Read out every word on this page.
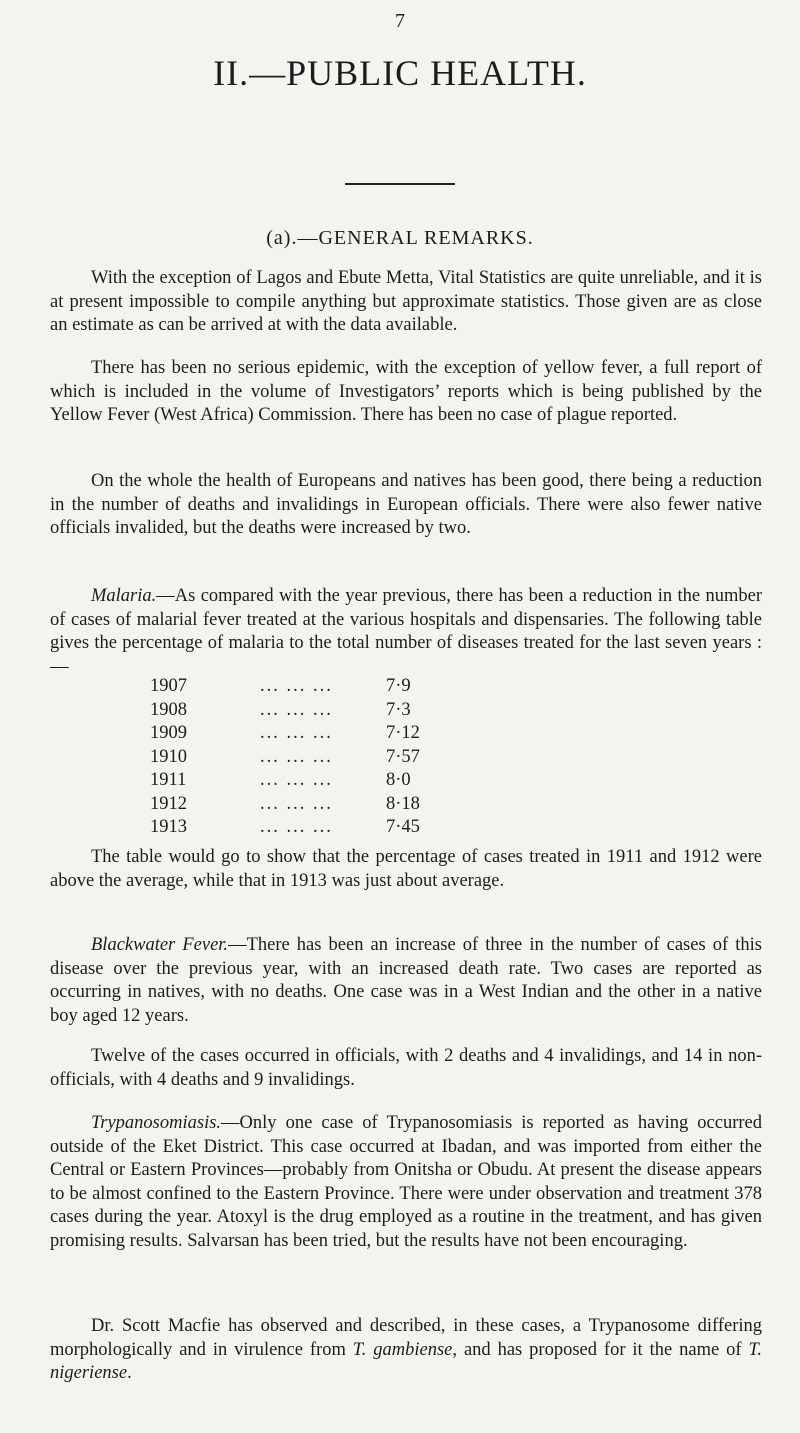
7
II.—PUBLIC HEALTH.
(a).—GENERAL REMARKS.

With the exception of Lagos and Ebute Metta, Vital Statistics are quite unreliable, and it is at present impossible to compile anything but approximate statistics. Those given are as close an estimate as can be arrived at with the data available.

There has been no serious epidemic, with the exception of yellow fever, a full report of which is included in the volume of Investigators’ reports which is being published by the Yellow Fever (West Africa) Commission. There has been no case of plague reported.

On the whole the health of Europeans and natives has been good, there being a reduction in the number of deaths and invalidings in European officials. There were also fewer native officials invalided, but the deaths were increased by two.

Malaria.—As compared with the year previous, there has been a reduction in the number of cases of malarial fever treated at the various hospitals and dispensaries. The following table gives the percentage of malaria to the total number of diseases treated for the last seven years :—

1907	... ... ...	7·9
1908	... ... ...	7·3
1909	... ... ...	7·12
1910	... ... ...	7·57
1911	... ... ...	8·0
1912	... ... ...	8·18
1913	... ... ...	7·45

The table would go to show that the percentage of cases treated in 1911 and 1912 were above the average, while that in 1913 was just about average.

Blackwater Fever.—There has been an increase of three in the number of cases of this disease over the previous year, with an increased death rate. Two cases are reported as occurring in natives, with no deaths. One case was in a West Indian and the other in a native boy aged 12 years.

Twelve of the cases occurred in officials, with 2 deaths and 4 invalidings, and 14 in non-officials, with 4 deaths and 9 invalidings.

Trypanosomiasis.—Only one case of Trypanosomiasis is reported as having occurred outside of the Eket District. This case occurred at Ibadan, and was imported from either the Central or Eastern Provinces—probably from Onitsha or Obudu. At present the disease appears to be almost confined to the Eastern Province. There were under observation and treatment 378 cases during the year. Atoxyl is the drug employed as a routine in the treatment, and has given promising results. Salvarsan has been tried, but the results have not been encouraging.

Dr. Scott Macfie has observed and described, in these cases, a Trypanosome differing morphologically and in virulence from T. gambiense, and has proposed for it the name of T. nigeriense.
